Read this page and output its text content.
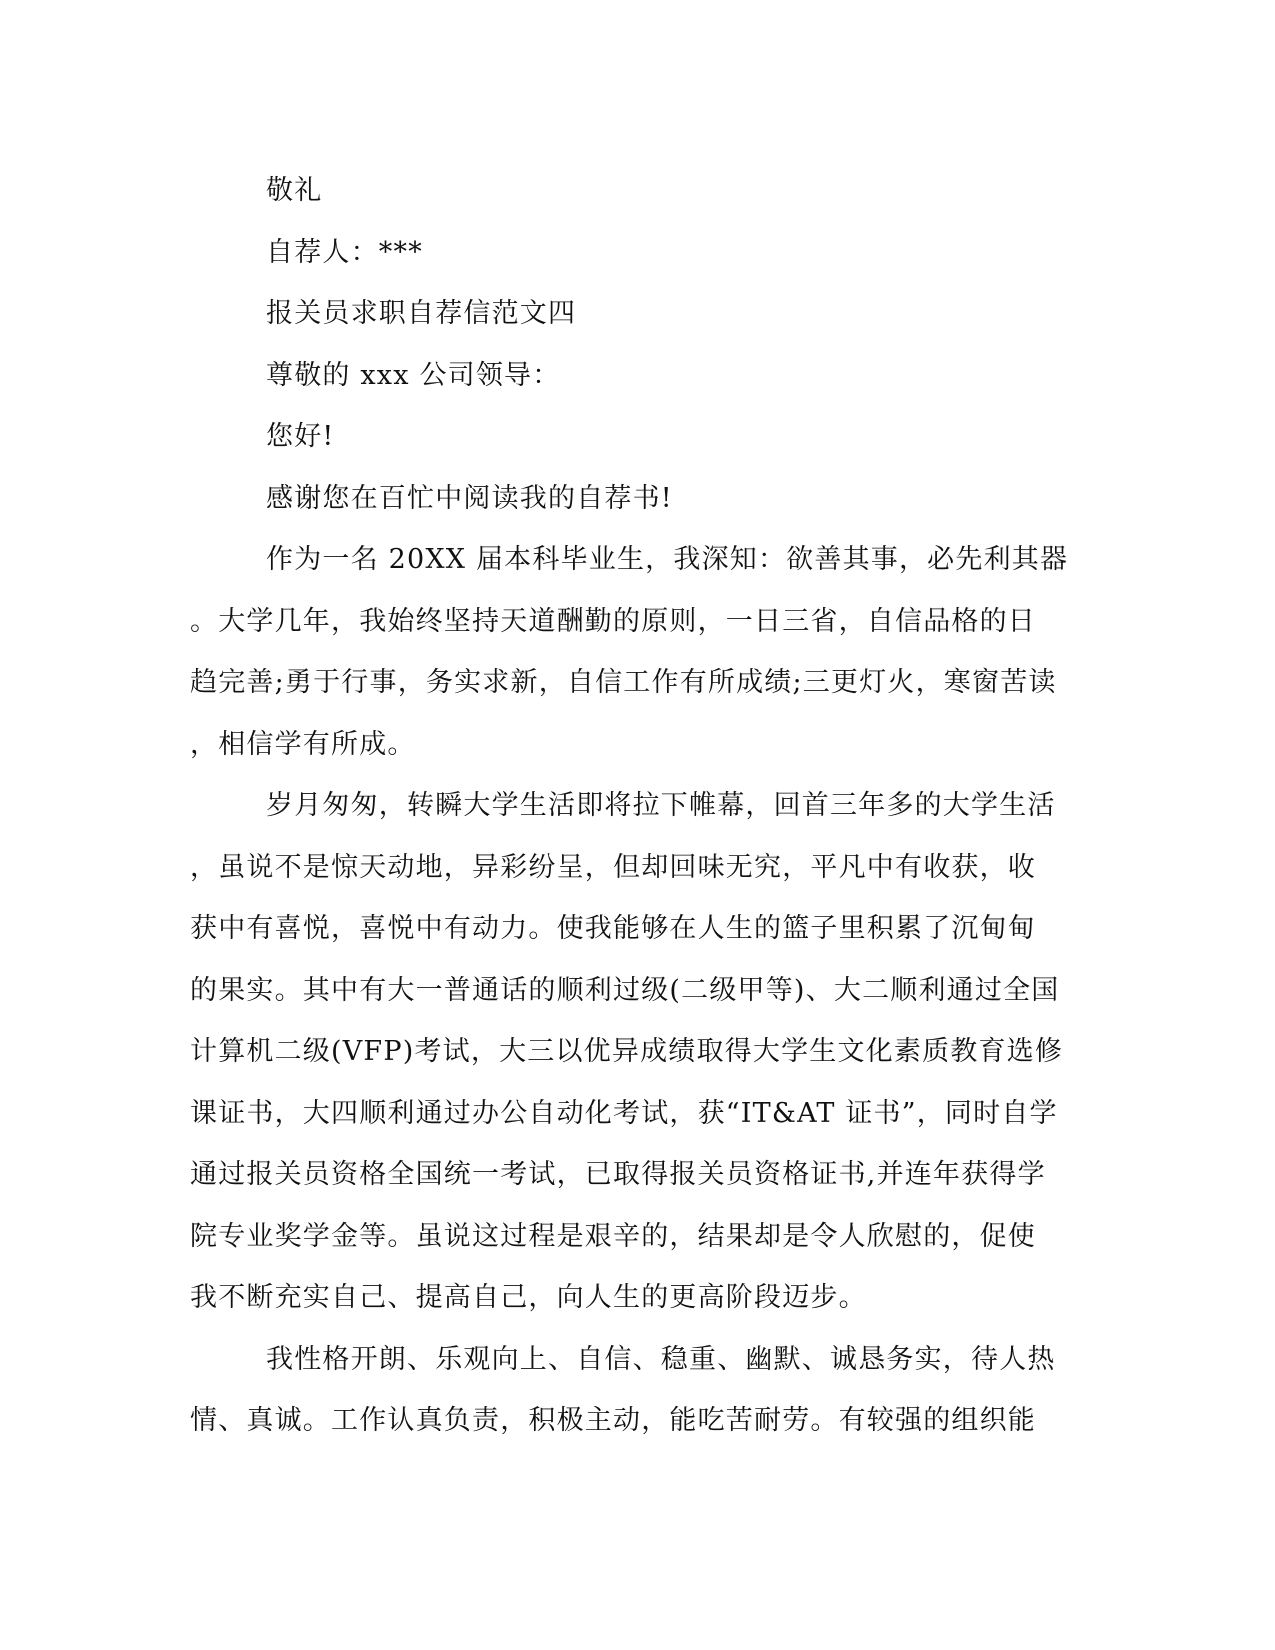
敬礼
自荐人：***
报关员求职自荐信范文四
尊敬的 xxx 公司领导：
您好!
感谢您在百忙中阅读我的自荐书!
作为一名 20XX 届本科毕业生，我深知：欲善其事，必先利其器
。大学几年，我始终坚持天道酬勤的原则，一日三省，自信品格的日
趋完善;勇于行事，务实求新，自信工作有所成绩;三更灯火，寒窗苦读
，相信学有所成。
岁月匆匆，转瞬大学生活即将拉下帷幕，回首三年多的大学生活
，虽说不是惊天动地，异彩纷呈，但却回味无究，平凡中有收获，收
获中有喜悦，喜悦中有动力。使我能够在人生的篮子里积累了沉甸甸
的果实。其中有大一普通话的顺利过级(二级甲等)、大二顺利通过全国
计算机二级(VFP)考试，大三以优异成绩取得大学生文化素质教育选修
课证书，大四顺利通过办公自动化考试，获“IT&AT 证书”，同时自学
通过报关员资格全国统一考试，已取得报关员资格证书,并连年获得学
院专业奖学金等。虽说这过程是艰辛的，结果却是令人欣慰的，促使
我不断充实自己、提高自己，向人生的更高阶段迈步。
我性格开朗、乐观向上、自信、稳重、幽默、诚恳务实，待人热
情、真诚。工作认真负责，积极主动，能吃苦耐劳。有较强的组织能
